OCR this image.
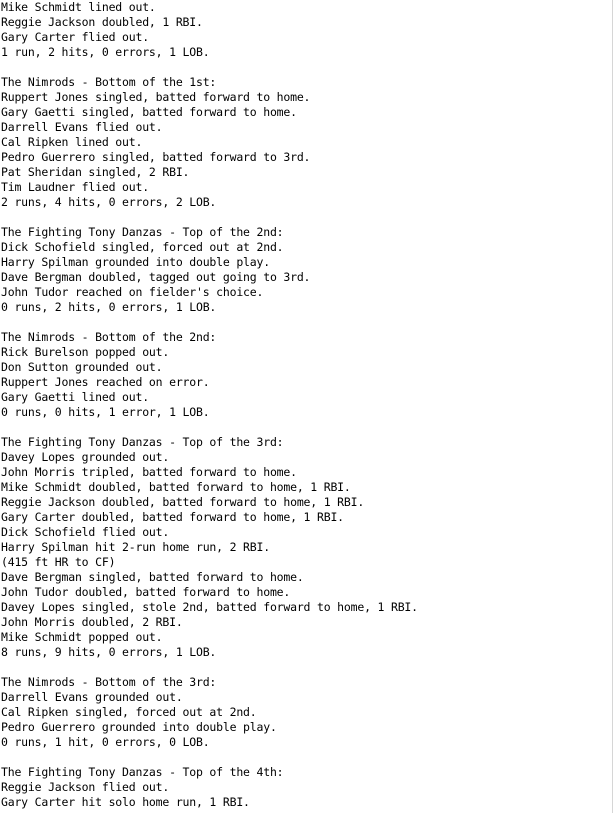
Mike Schmidt lined out.
Reggie Jackson doubled, 1 RBI.
Gary Carter flied out.
1 run, 2 hits, 0 errors, 1 LOB.
The Nimrods - Bottom of the 1st:
Ruppert Jones singled, batted forward to home.
Gary Gaetti singled, batted forward to home.
Darrell Evans flied out.
Cal Ripken lined out.
Pedro Guerrero singled, batted forward to 3rd.
Pat Sheridan singled, 2 RBI.
Tim Laudner flied out.
2 runs, 4 hits, 0 errors, 2 LOB.
The Fighting Tony Danzas - Top of the 2nd:
Dick Schofield singled, forced out at 2nd.
Harry Spilman grounded into double play.
Dave Bergman doubled, tagged out going to 3rd.
John Tudor reached on fielder's choice.
0 runs, 2 hits, 0 errors, 1 LOB.
The Nimrods - Bottom of the 2nd:
Rick Burelson popped out.
Don Sutton grounded out.
Ruppert Jones reached on error.
Gary Gaetti lined out.
0 runs, 0 hits, 1 error, 1 LOB.
The Fighting Tony Danzas - Top of the 3rd:
Davey Lopes grounded out.
John Morris tripled, batted forward to home.
Mike Schmidt doubled, batted forward to home, 1 RBI.
Reggie Jackson doubled, batted forward to home, 1 RBI.
Gary Carter doubled, batted forward to home, 1 RBI.
Dick Schofield flied out.
Harry Spilman hit 2-run home run, 2 RBI.
(415 ft HR to CF)
Dave Bergman singled, batted forward to home.
John Tudor doubled, batted forward to home.
Davey Lopes singled, stole 2nd, batted forward to home, 1 RBI.
John Morris doubled, 2 RBI.
Mike Schmidt popped out.
8 runs, 9 hits, 0 errors, 1 LOB.
The Nimrods - Bottom of the 3rd:
Darrell Evans grounded out.
Cal Ripken singled, forced out at 2nd.
Pedro Guerrero grounded into double play.
0 runs, 1 hit, 0 errors, 0 LOB.
The Fighting Tony Danzas - Top of the 4th:
Reggie Jackson flied out.
Gary Carter hit solo home run, 1 RBI.
